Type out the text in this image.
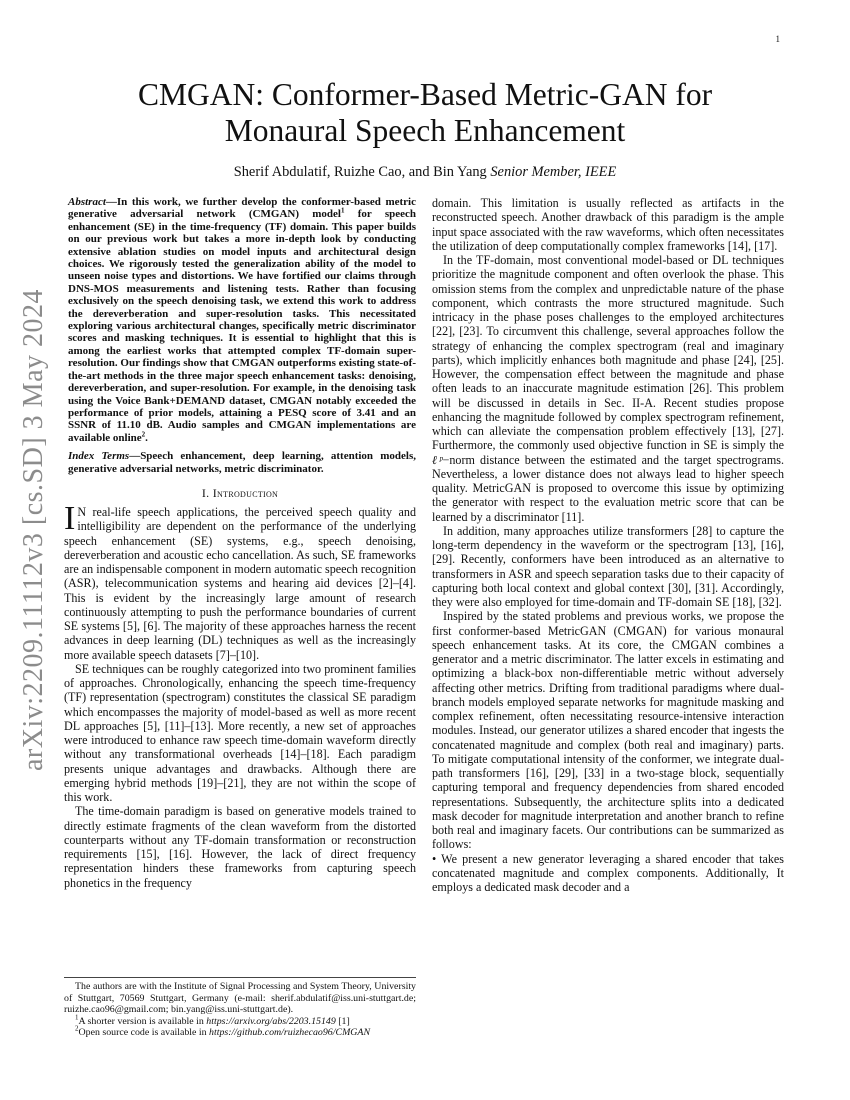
1
arXiv:2209.11112v3 [cs.SD] 3 May 2024
CMGAN: Conformer-Based Metric-GAN for
Monaural Speech Enhancement
Sherif Abdulatif, Ruizhe Cao, and Bin Yang Senior Member, IEEE

Abstract—In this work, we further develop the conformer-based metric generative adversarial network (CMGAN) model$^1$ for speech enhancement (SE) in the time-frequency (TF) domain. This paper builds on our previous work but takes a more in-depth look by conducting extensive ablation studies on model inputs and architectural design choices. We rigorously tested the generalization ability of the model to unseen noise types and distortions. We have fortified our claims through DNS-MOS measurements and listening tests. Rather than focusing exclusively on the speech denoising task, we extend this work to address the dereverberation and super-resolution tasks. This necessitated exploring various architectural changes, specifically metric discriminator scores and masking techniques. It is essential to highlight that this is among the earliest works that attempted complex TF-domain super-resolution. Our findings show that CMGAN outperforms existing state-of-the-art methods in the three major speech enhancement tasks: denoising, dereverberation, and super-resolution. For example, in the denoising task using the Voice Bank+DEMAND dataset, CMGAN notably exceeded the performance of prior models, attaining a PESQ score of 3.41 and an SSNR of 11.10 dB. Audio samples and CMGAN implementations are available online$^2$.

Index Terms—Speech enhancement, deep learning, attention models, generative adversarial networks, metric discriminator.

I. Introduction

I N real-life speech applications, the perceived speech quality and intelligibility are dependent on the performance of the underlying speech enhancement (SE) systems, e.g., speech denoising, dereverberation and acoustic echo cancellation. As such, SE frameworks are an indispensable component in modern automatic speech recognition (ASR), telecommunication systems and hearing aid devices [2]–[4]. This is evident by the increasingly large amount of research continuously attempting to push the performance boundaries of current SE systems [5], [6]. The majority of these approaches harness the recent advances in deep learning (DL) techniques as well as the increasingly more available speech datasets [7]–[10].

SE techniques can be roughly categorized into two prominent families of approaches. Chronologically, enhancing the speech time-frequency (TF) representation (spectrogram) constitutes the classical SE paradigm which encompasses the majority of model-based as well as more recent DL approaches [5], [11]–[13]. More recently, a new set of approaches were introduced to enhance raw speech time-domain waveform directly without any transformational overheads [14]–[18]. Each paradigm presents unique advantages and drawbacks. Although there are emerging hybrid methods [19]–[21], they are not within the scope of this work.

The time-domain paradigm is based on generative models trained to directly estimate fragments of the clean waveform from the distorted counterparts without any TF-domain transformation or reconstruction requirements [15], [16]. However, the lack of direct frequency representation hinders these frameworks from capturing speech phonetics in the frequency

The authors are with the Institute of Signal Processing and System Theory, University of Stuttgart, 70569 Stuttgart, Germany (e-mail: sherif.abdulatif@iss.uni-stuttgart.de; ruizhe.cao96@gmail.com; bin.yang@iss.uni-stuttgart.de).

$^1$A shorter version is available in https://arxiv.org/abs/2203.15149 [1]

$^2$Open source code is available in https://github.com/ruizhecao96/CMGAN

domain. This limitation is usually reflected as artifacts in the reconstructed speech. Another drawback of this paradigm is the ample input space associated with the raw waveforms, which often necessitates the utilization of deep computationally complex frameworks [14], [17].

In the TF-domain, most conventional model-based or DL techniques prioritize the magnitude component and often overlook the phase. This omission stems from the complex and unpredictable nature of the phase component, which contrasts the more structured magnitude. Such intricacy in the phase poses challenges to the employed architectures [22], [23]. To circumvent this challenge, several approaches follow the strategy of enhancing the complex spectrogram (real and imaginary parts), which implicitly enhances both magnitude and phase [24], [25]. However, the compensation effect between the magnitude and phase often leads to an inaccurate magnitude estimation [26]. This problem will be discussed in details in Sec. II-A. Recent studies propose enhancing the magnitude followed by complex spectrogram refinement, which can alleviate the compensation problem effectively [13], [27]. Furthermore, the commonly used objective function in SE is simply the ℓᵖ−norm distance between the estimated and the target spectrograms. Nevertheless, a lower distance does not always lead to higher speech quality. MetricGAN is proposed to overcome this issue by optimizing the generator with respect to the evaluation metric score that can be learned by a discriminator [11].

In addition, many approaches utilize transformers [28] to capture the long-term dependency in the waveform or the spectrogram [13], [16], [29]. Recently, conformers have been introduced as an alternative to transformers in ASR and speech separation tasks due to their capacity of capturing both local context and global context [30], [31]. Accordingly, they were also employed for time-domain and TF-domain SE [18], [32].

Inspired by the stated problems and previous works, we propose the first conformer-based MetricGAN (CMGAN) for various monaural speech enhancement tasks. At its core, the CMGAN combines a generator and a metric discriminator. The latter excels in estimating and optimizing a black-box non-differentiable metric without adversely affecting other metrics. Drifting from traditional paradigms where dual-branch models employed separate networks for magnitude masking and complex refinement, often necessitating resource-intensive interaction modules. Instead, our generator utilizes a shared encoder that ingests the concatenated magnitude and complex (both real and imaginary) parts. To mitigate computational intensity of the conformer, we integrate dual-path transformers [16], [29], [33] in a two-stage block, sequentially capturing temporal and frequency dependencies from shared encoded representations. Subsequently, the architecture splits into a dedicated mask decoder for magnitude interpretation and another branch to refine both real and imaginary facets. Our contributions can be summarized as follows:

• We present a new generator leveraging a shared encoder that takes concatenated magnitude and complex components. Additionally, It employs a dedicated mask decoder and a
